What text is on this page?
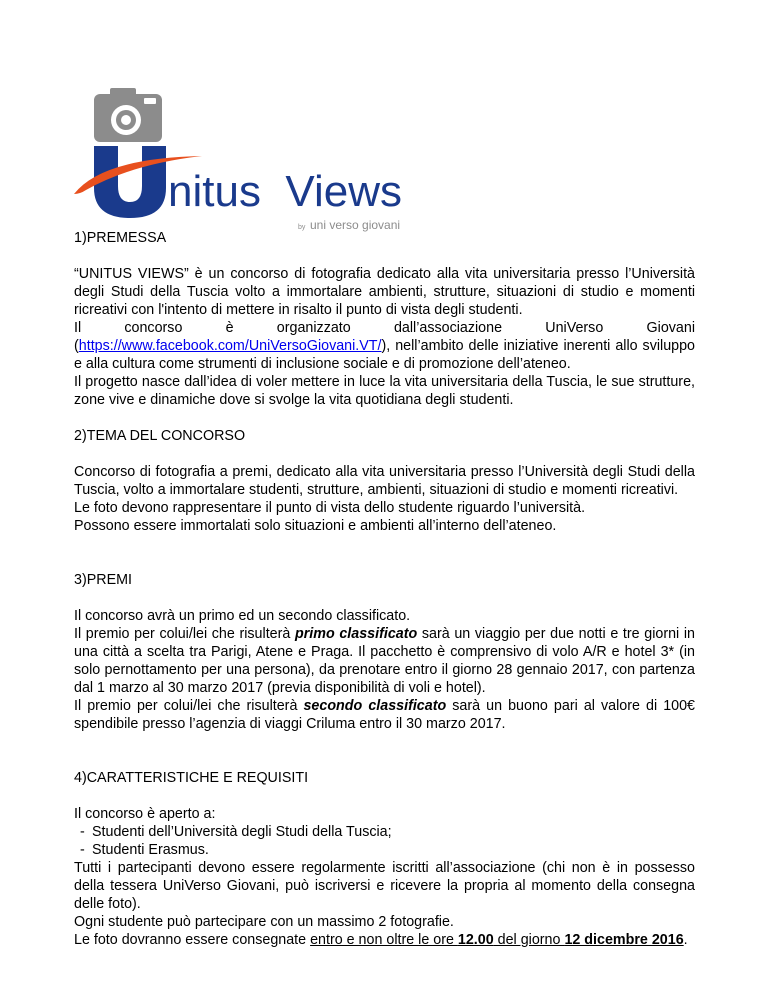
nitus  Views
by uni verso giovani

1)PREMESSA

“UNITUS VIEWS” è un concorso di fotografia dedicato alla vita universitaria presso l’Università degli Studi della Tuscia volto a immortalare ambienti, strutture, situazioni di studio e momenti ricreativi con l'intento di mettere in risalto il punto di vista degli studenti.

Il concorso è organizzato dall’associazione UniVerso Giovani

(https://www.facebook.com/UniVersoGiovani.VT/), nell’ambito delle iniziative inerenti allo sviluppo e alla cultura come strumenti di inclusione sociale e di promozione dell’ateneo.

Il progetto nasce dall’idea di voler mettere in luce la vita universitaria della Tuscia, le sue strutture, zone vive e dinamiche dove si svolge la vita quotidiana degli studenti.

2)TEMA DEL CONCORSO

Concorso di fotografia a premi, dedicato alla vita universitaria presso l’Università degli Studi della Tuscia, volto a immortalare studenti, strutture, ambienti, situazioni di studio e momenti ricreativi.

Le foto devono rappresentare il punto di vista dello studente riguardo l’università.

Possono essere immortalati solo situazioni e ambienti all’interno dell’ateneo.

3)PREMI

Il concorso avrà un primo ed un secondo classificato.

Il premio per colui/lei che risulterà primo classificato sarà un viaggio per due notti e tre giorni in una città a scelta tra Parigi, Atene e Praga. Il pacchetto è comprensivo di volo A/R e hotel 3* (in solo pernottamento per una persona), da prenotare entro il giorno 28 gennaio 2017, con partenza dal 1 marzo al 30 marzo 2017 (previa disponibilità di voli e hotel).

Il premio per colui/lei che risulterà secondo classificato sarà un buono pari al valore di 100€ spendibile presso l’agenzia di viaggi Criluma entro il 30 marzo 2017.

4)CARATTERISTICHE E REQUISITI

Il concorso è aperto a:

- Studenti dell’Università degli Studi della Tuscia;
- Studenti Erasmus.

Tutti i partecipanti devono essere regolarmente iscritti all’associazione (chi non è in possesso della tessera UniVerso Giovani, può iscriversi e ricevere la propria al momento della consegna delle foto).

Ogni studente può partecipare con un massimo 2 fotografie.

Le foto dovranno essere consegnate entro e non oltre le ore 12.00 del giorno 12 dicembre 2016.
